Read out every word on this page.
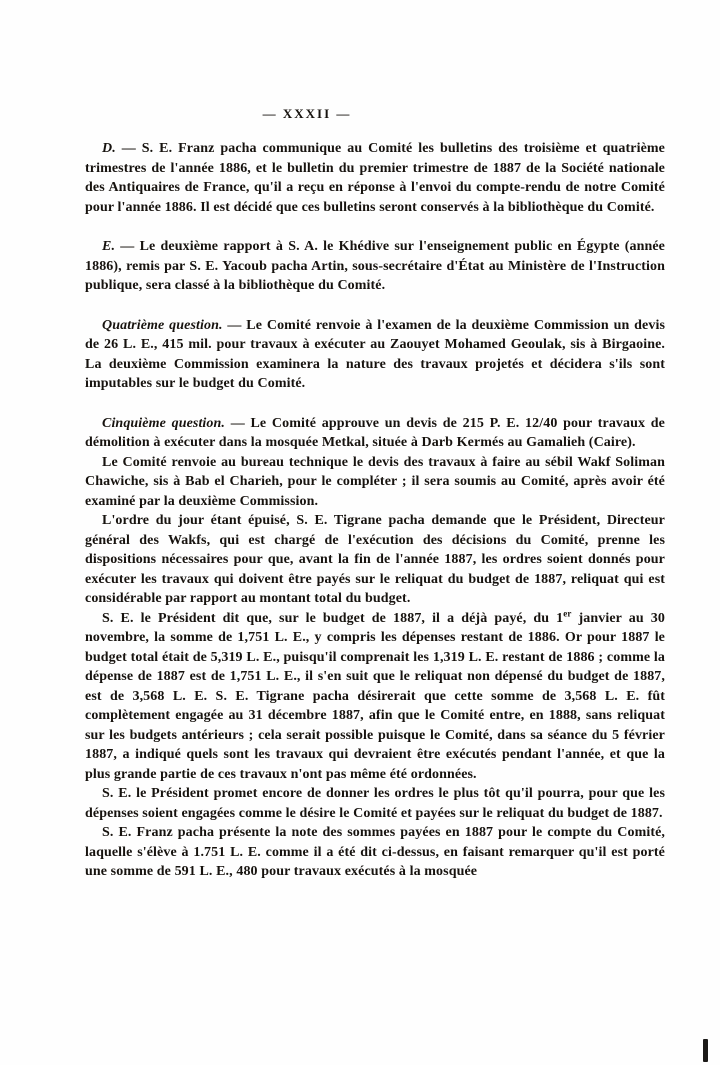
— XXXII —

D. — S. E. Franz pacha communique au Comité les bulletins des troisième et quatrième trimestres de l'année 1886, et le bulletin du premier trimestre de 1887 de la Société nationale des Antiquaires de France, qu'il a reçu en réponse à l'envoi du compte-rendu de notre Comité pour l'année 1886. Il est décidé que ces bulletins seront conservés à la bibliothèque du Comité.

E. — Le deuxième rapport à S. A. le Khédive sur l'enseignement public en Égypte (année 1886), remis par S. E. Yacoub pacha Artin, sous-secrétaire d'État au Ministère de l'Instruction publique, sera classé à la bibliothèque du Comité.

Quatrième question. — Le Comité renvoie à l'examen de la deuxième Commission un devis de 26 L. E., 415 mil. pour travaux à exécuter au Zaouyet Mohamed Geoulak, sis à Birgaoine. La deuxième Commission examinera la nature des travaux projetés et décidera s'ils sont imputables sur le budget du Comité.

Cinquième question. — Le Comité approuve un devis de 215 P. E. 12/40 pour travaux de démolition à exécuter dans la mosquée Metkal, située à Darb Kermés au Gamalieh (Caire).

Le Comité renvoie au bureau technique le devis des travaux à faire au sébil Wakf Soliman Chawiche, sis à Bab el Charieh, pour le compléter ; il sera soumis au Comité, après avoir été examiné par la deuxième Commission.

L'ordre du jour étant épuisé, S. E. Tigrane pacha demande que le Président, Directeur général des Wakfs, qui est chargé de l'exécution des décisions du Comité, prenne les dispositions nécessaires pour que, avant la fin de l'année 1887, les ordres soient donnés pour exécuter les travaux qui doivent être payés sur le reliquat du budget de 1887, reliquat qui est considérable par rapport au montant total du budget.

S. E. le Président dit que, sur le budget de 1887, il a déjà payé, du 1er janvier au 30 novembre, la somme de 1,751 L. E., y compris les dépenses restant de 1886. Or pour 1887 le budget total était de 5,319 L. E., puisqu'il comprenait les 1,319 L. E. restant de 1886 ; comme la dépense de 1887 est de 1,751 L. E., il s'en suit que le reliquat non dépensé du budget de 1887, est de 3,568 L. E. S. E. Tigrane pacha désirerait que cette somme de 3,568 L. E. fût complètement engagée au 31 décembre 1887, afin que le Comité entre, en 1888, sans reliquat sur les budgets antérieurs ; cela serait possible puisque le Comité, dans sa séance du 5 février 1887, a indiqué quels sont les travaux qui devraient être exécutés pendant l'année, et que la plus grande partie de ces travaux n'ont pas même été ordonnées.

S. E. le Président promet encore de donner les ordres le plus tôt qu'il pourra, pour que les dépenses soient engagées comme le désire le Comité et payées sur le reliquat du budget de 1887.

S. E. Franz pacha présente la note des sommes payées en 1887 pour le compte du Comité, laquelle s'élève à 1.751 L. E. comme il a été dit ci-dessus, en faisant remarquer qu'il est porté une somme de 591 L. E., 480 pour travaux exécutés à la mosquée
